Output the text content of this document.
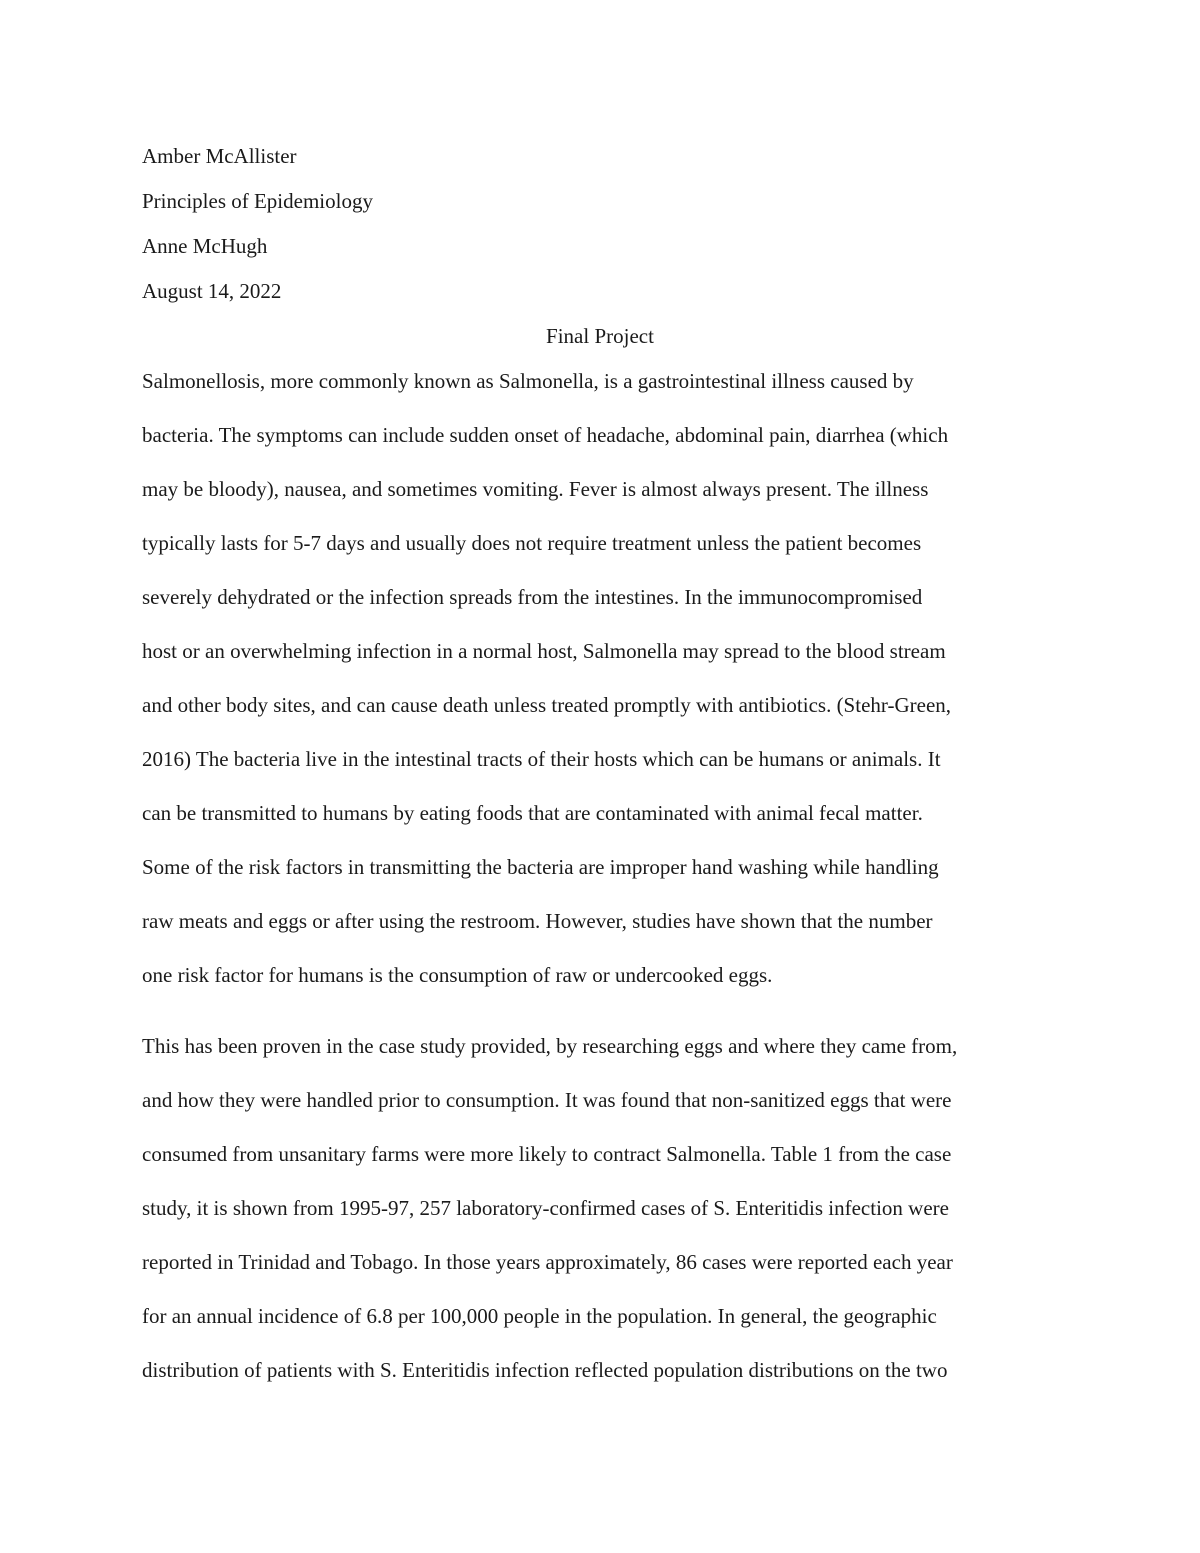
Amber McAllister
Principles of Epidemiology
Anne McHugh
August 14, 2022
Final Project
Salmonellosis, more commonly known as Salmonella, is a gastrointestinal illness caused by
bacteria. The symptoms can include sudden onset of headache, abdominal pain, diarrhea (which
may be bloody), nausea, and sometimes vomiting. Fever is almost always present. The illness
typically lasts for 5-7 days and usually does not require treatment unless the patient becomes
severely dehydrated or the infection spreads from the intestines. In the immunocompromised
host or an overwhelming infection in a normal host, Salmonella may spread to the blood stream
and other body sites, and can cause death unless treated promptly with antibiotics. (Stehr-Green,
2016) The bacteria live in the intestinal tracts of their hosts which can be humans or animals. It
can be transmitted to humans by eating foods that are contaminated with animal fecal matter.
Some of the risk factors in transmitting the bacteria are improper hand washing while handling
raw meats and eggs or after using the restroom. However, studies have shown that the number
one risk factor for humans is the consumption of raw or undercooked eggs.
This has been proven in the case study provided, by researching eggs and where they came from,
and how they were handled prior to consumption. It was found that non-sanitized eggs that were
consumed from unsanitary farms were more likely to contract Salmonella. Table 1 from the case
study, it is shown from 1995-97, 257 laboratory-confirmed cases of S. Enteritidis infection were
reported in Trinidad and Tobago. In those years approximately, 86 cases were reported each year
for an annual incidence of 6.8 per 100,000 people in the population. In general, the geographic
distribution of patients with S. Enteritidis infection reflected population distributions on the two
